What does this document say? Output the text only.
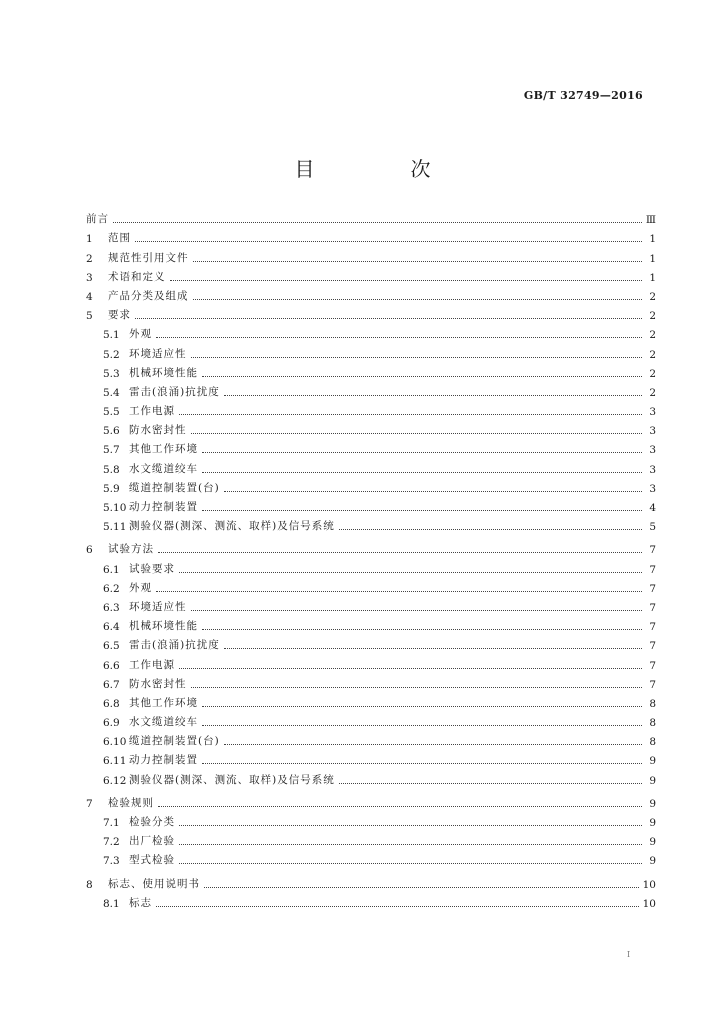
GB/T 32749—2016
目　次
前言	Ⅲ
1	范围	1
2	规范性引用文件	1
3	术语和定义	1
4	产品分类及组成	2
5	要求	2
5.1 外观	2
5.2 环境适应性	2
5.3 机械环境性能	2
5.4 雷击(浪涌)抗扰度	2
5.5 工作电源	3
5.6 防水密封性	3
5.7 其他工作环境	3
5.8 水文缆道绞车	3
5.9 缆道控制装置(台)	3
5.10 动力控制装置	4
5.11 测验仪器(测深、测流、取样)及信号系统	5
6	试验方法	7
6.1 试验要求	7
6.2 外观	7
6.3 环境适应性	7
6.4 机械环境性能	7
6.5 雷击(浪涌)抗扰度	7
6.6 工作电源	7
6.7 防水密封性	7
6.8 其他工作环境	8
6.9 水文缆道绞车	8
6.10 缆道控制装置(台)	8
6.11 动力控制装置	9
6.12 测验仪器(测深、测流、取样)及信号系统	9
7	检验规则	9
7.1 检验分类	9
7.2 出厂检验	9
7.3 型式检验	9
8	标志、使用说明书	10
8.1 标志	10
I
